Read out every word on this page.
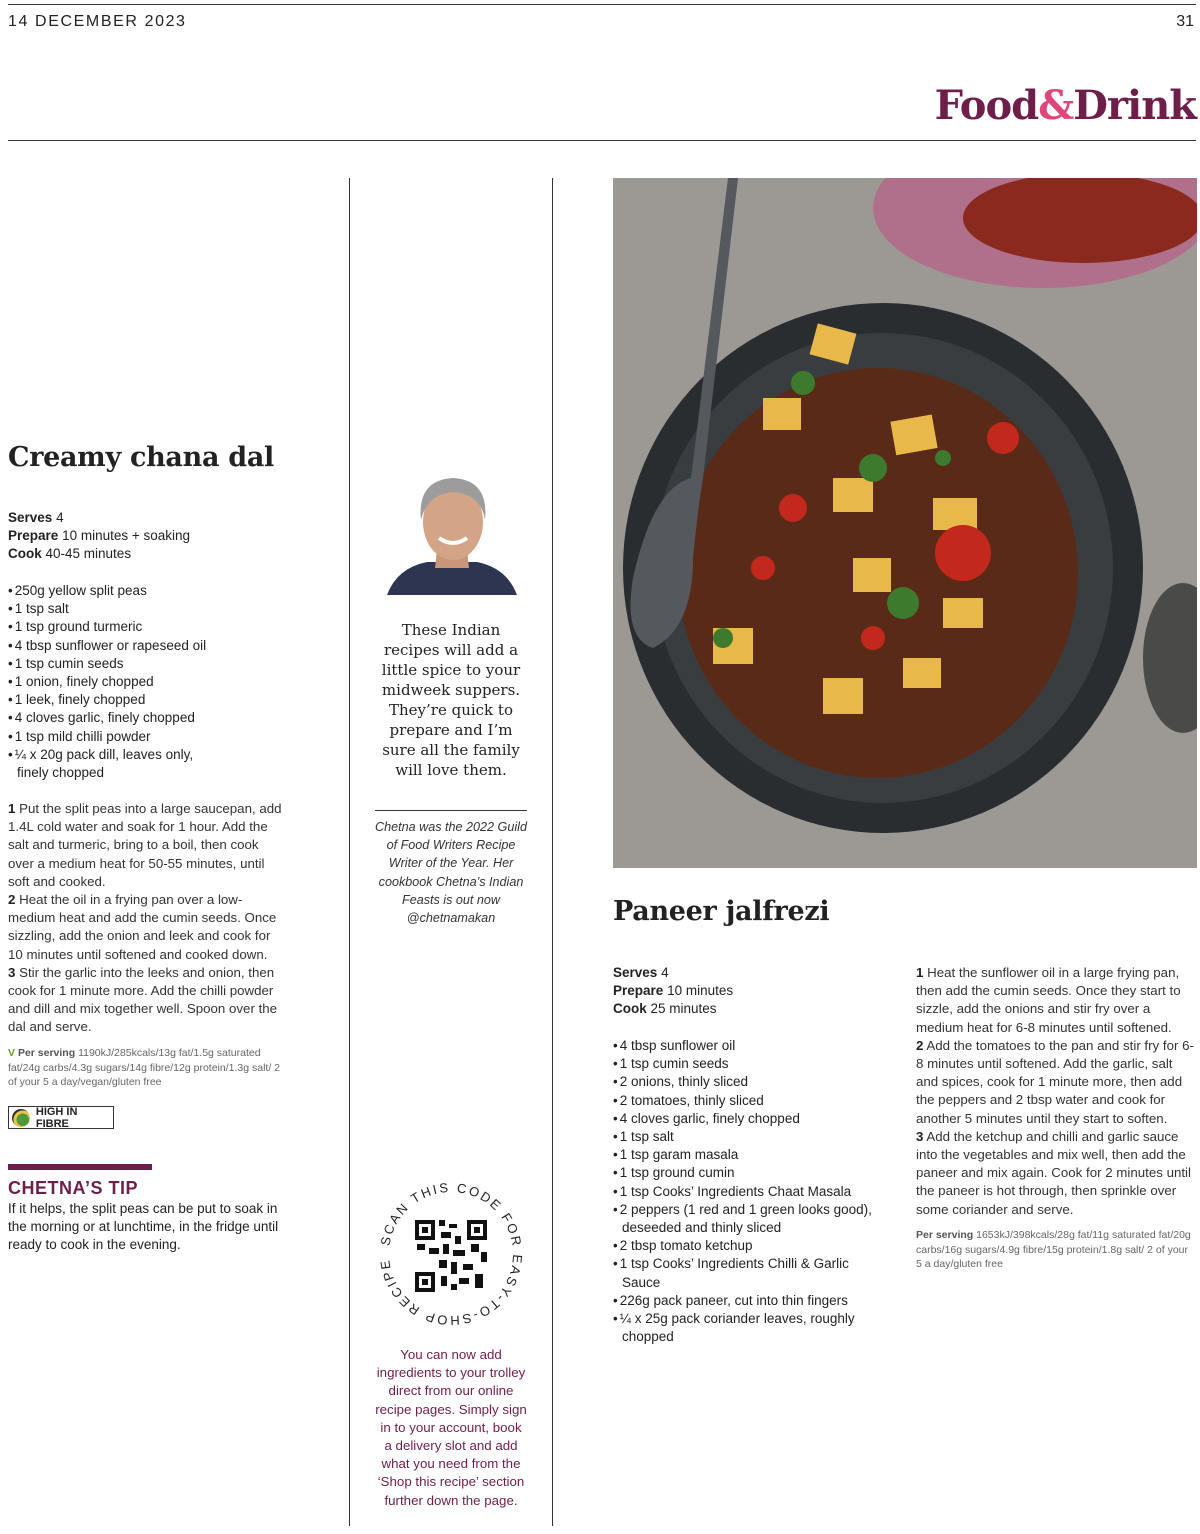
14 DECEMBER 2023	31
Food&Drink
Creamy chana dal
Serves 4
Prepare 10 minutes + soaking
Cook 40-45 minutes
• 250g yellow split peas
• 1 tsp salt
• 1 tsp ground turmeric
• 4 tbsp sunflower or rapeseed oil
• 1 tsp cumin seeds
• 1 onion, finely chopped
• 1 leek, finely chopped
• 4 cloves garlic, finely chopped
• 1 tsp mild chilli powder
• ¼ x 20g pack dill, leaves only, finely chopped
1 Put the split peas into a large saucepan, add 1.4L cold water and soak for 1 hour. Add the salt and turmeric, bring to a boil, then cook over a medium heat for 50-55 minutes, until soft and cooked.
2 Heat the oil in a frying pan over a low-medium heat and add the cumin seeds. Once sizzling, add the onion and leek and cook for 10 minutes until softened and cooked down.
3 Stir the garlic into the leeks and onion, then cook for 1 minute more. Add the chilli powder and dill and mix together well. Spoon over the dal and serve.
V Per serving 1190kJ/285kcals/13g fat/1.5g saturated fat/24g carbs/4.3g sugars/14g fibre/12g protein/1.3g salt/ 2 of your 5 a day/vegan/gluten free
HIGH IN FIBRE
CHETNA’S TIP
If it helps, the split peas can be put to soak in the morning or at lunchtime, in the fridge until ready to cook in the evening.
These Indian recipes will add a little spice to your midweek suppers. They’re quick to prepare and I’m sure all the family will love them.
Chetna was the 2022 Guild of Food Writers Recipe Writer of the Year. Her cookbook Chetna’s Indian Feasts is out now @chetnamakan
SCAN THIS CODE FOR EASY-TO-SHOP RECIPE
You can now add ingredients to your trolley direct from our online recipe pages. Simply sign in to your account, book a delivery slot and add what you need from the ‘Shop this recipe’ section further down the page.
Paneer jalfrezi
Serves 4
Prepare 10 minutes
Cook 25 minutes
• 4 tbsp sunflower oil
• 1 tsp cumin seeds
• 2 onions, thinly sliced
• 2 tomatoes, thinly sliced
• 4 cloves garlic, finely chopped
• 1 tsp salt
• 1 tsp garam masala
• 1 tsp ground cumin
• 1 tsp Cooks’ Ingredients Chaat Masala
• 2 peppers (1 red and 1 green looks good), deseeded and thinly sliced
• 2 tbsp tomato ketchup
• 1 tsp Cooks’ Ingredients Chilli & Garlic Sauce
• 226g pack paneer, cut into thin fingers
• ¼ x 25g pack coriander leaves, roughly chopped
1 Heat the sunflower oil in a large frying pan, then add the cumin seeds. Once they start to sizzle, add the onions and stir fry over a medium heat for 6-8 minutes until softened.
2 Add the tomatoes to the pan and stir fry for 6-8 minutes until softened. Add the garlic, salt and spices, cook for 1 minute more, then add the peppers and 2 tbsp water and cook for another 5 minutes until they start to soften.
3 Add the ketchup and chilli and garlic sauce into the vegetables and mix well, then add the paneer and mix again. Cook for 2 minutes until the paneer is hot through, then sprinkle over some coriander and serve.
Per serving 1653kJ/398kcals/28g fat/11g saturated fat/20g carbs/16g sugars/4.9g fibre/15g protein/1.8g salt/ 2 of your 5 a day/gluten free
